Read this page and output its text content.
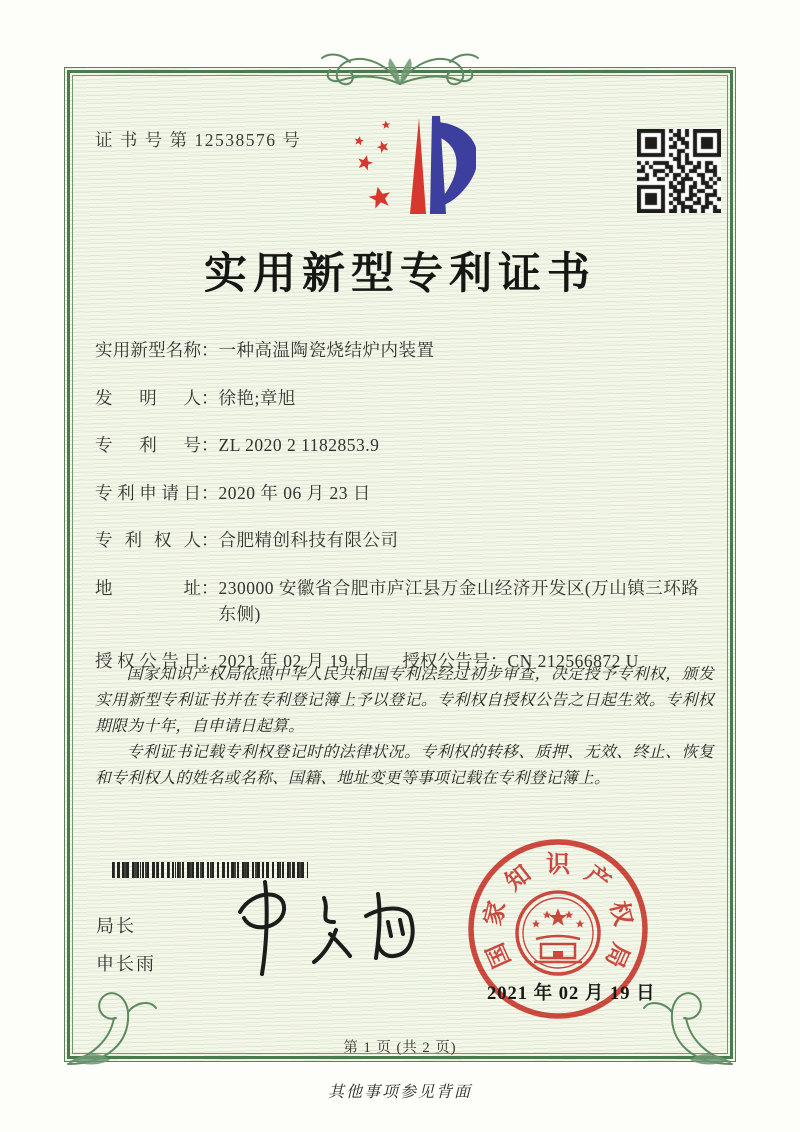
证 书 号 第 12538576 号
实用新型专利证书
实用新型名称 ： 一种高温陶瓷烧结炉内装置
发明人 ： 徐艳;章旭
专利号 ： ZL 2020 2 1182853.9
专利申请日 ： 2020 年 06 月 23 日
专利权人 ： 合肥精创科技有限公司
地址 ： 230000 安徽省合肥市庐江县万金山经济开发区(万山镇三环路东侧)
授权公告日 ： 2021 年 02 月 19 日	授权公告号 ： CN 212566872 U

国家知识产权局依照中华人民共和国专利法经过初步审查，决定授予专利权，颁发实用新型专利证书并在专利登记簿上予以登记。专利权自授权公告之日起生效。专利权期限为十年，自申请日起算。

专利证书记载专利权登记时的法律状况。专利权的转移、质押、无效、终止、恢复和专利权人的姓名或名称、国籍、地址变更等事项记载在专利登记簿上。

局长
申长雨	国
家
知 识 产
权
局
2021 年 02 月 19 日
第 1 页 (共 2 页)
其他事项参见背面
